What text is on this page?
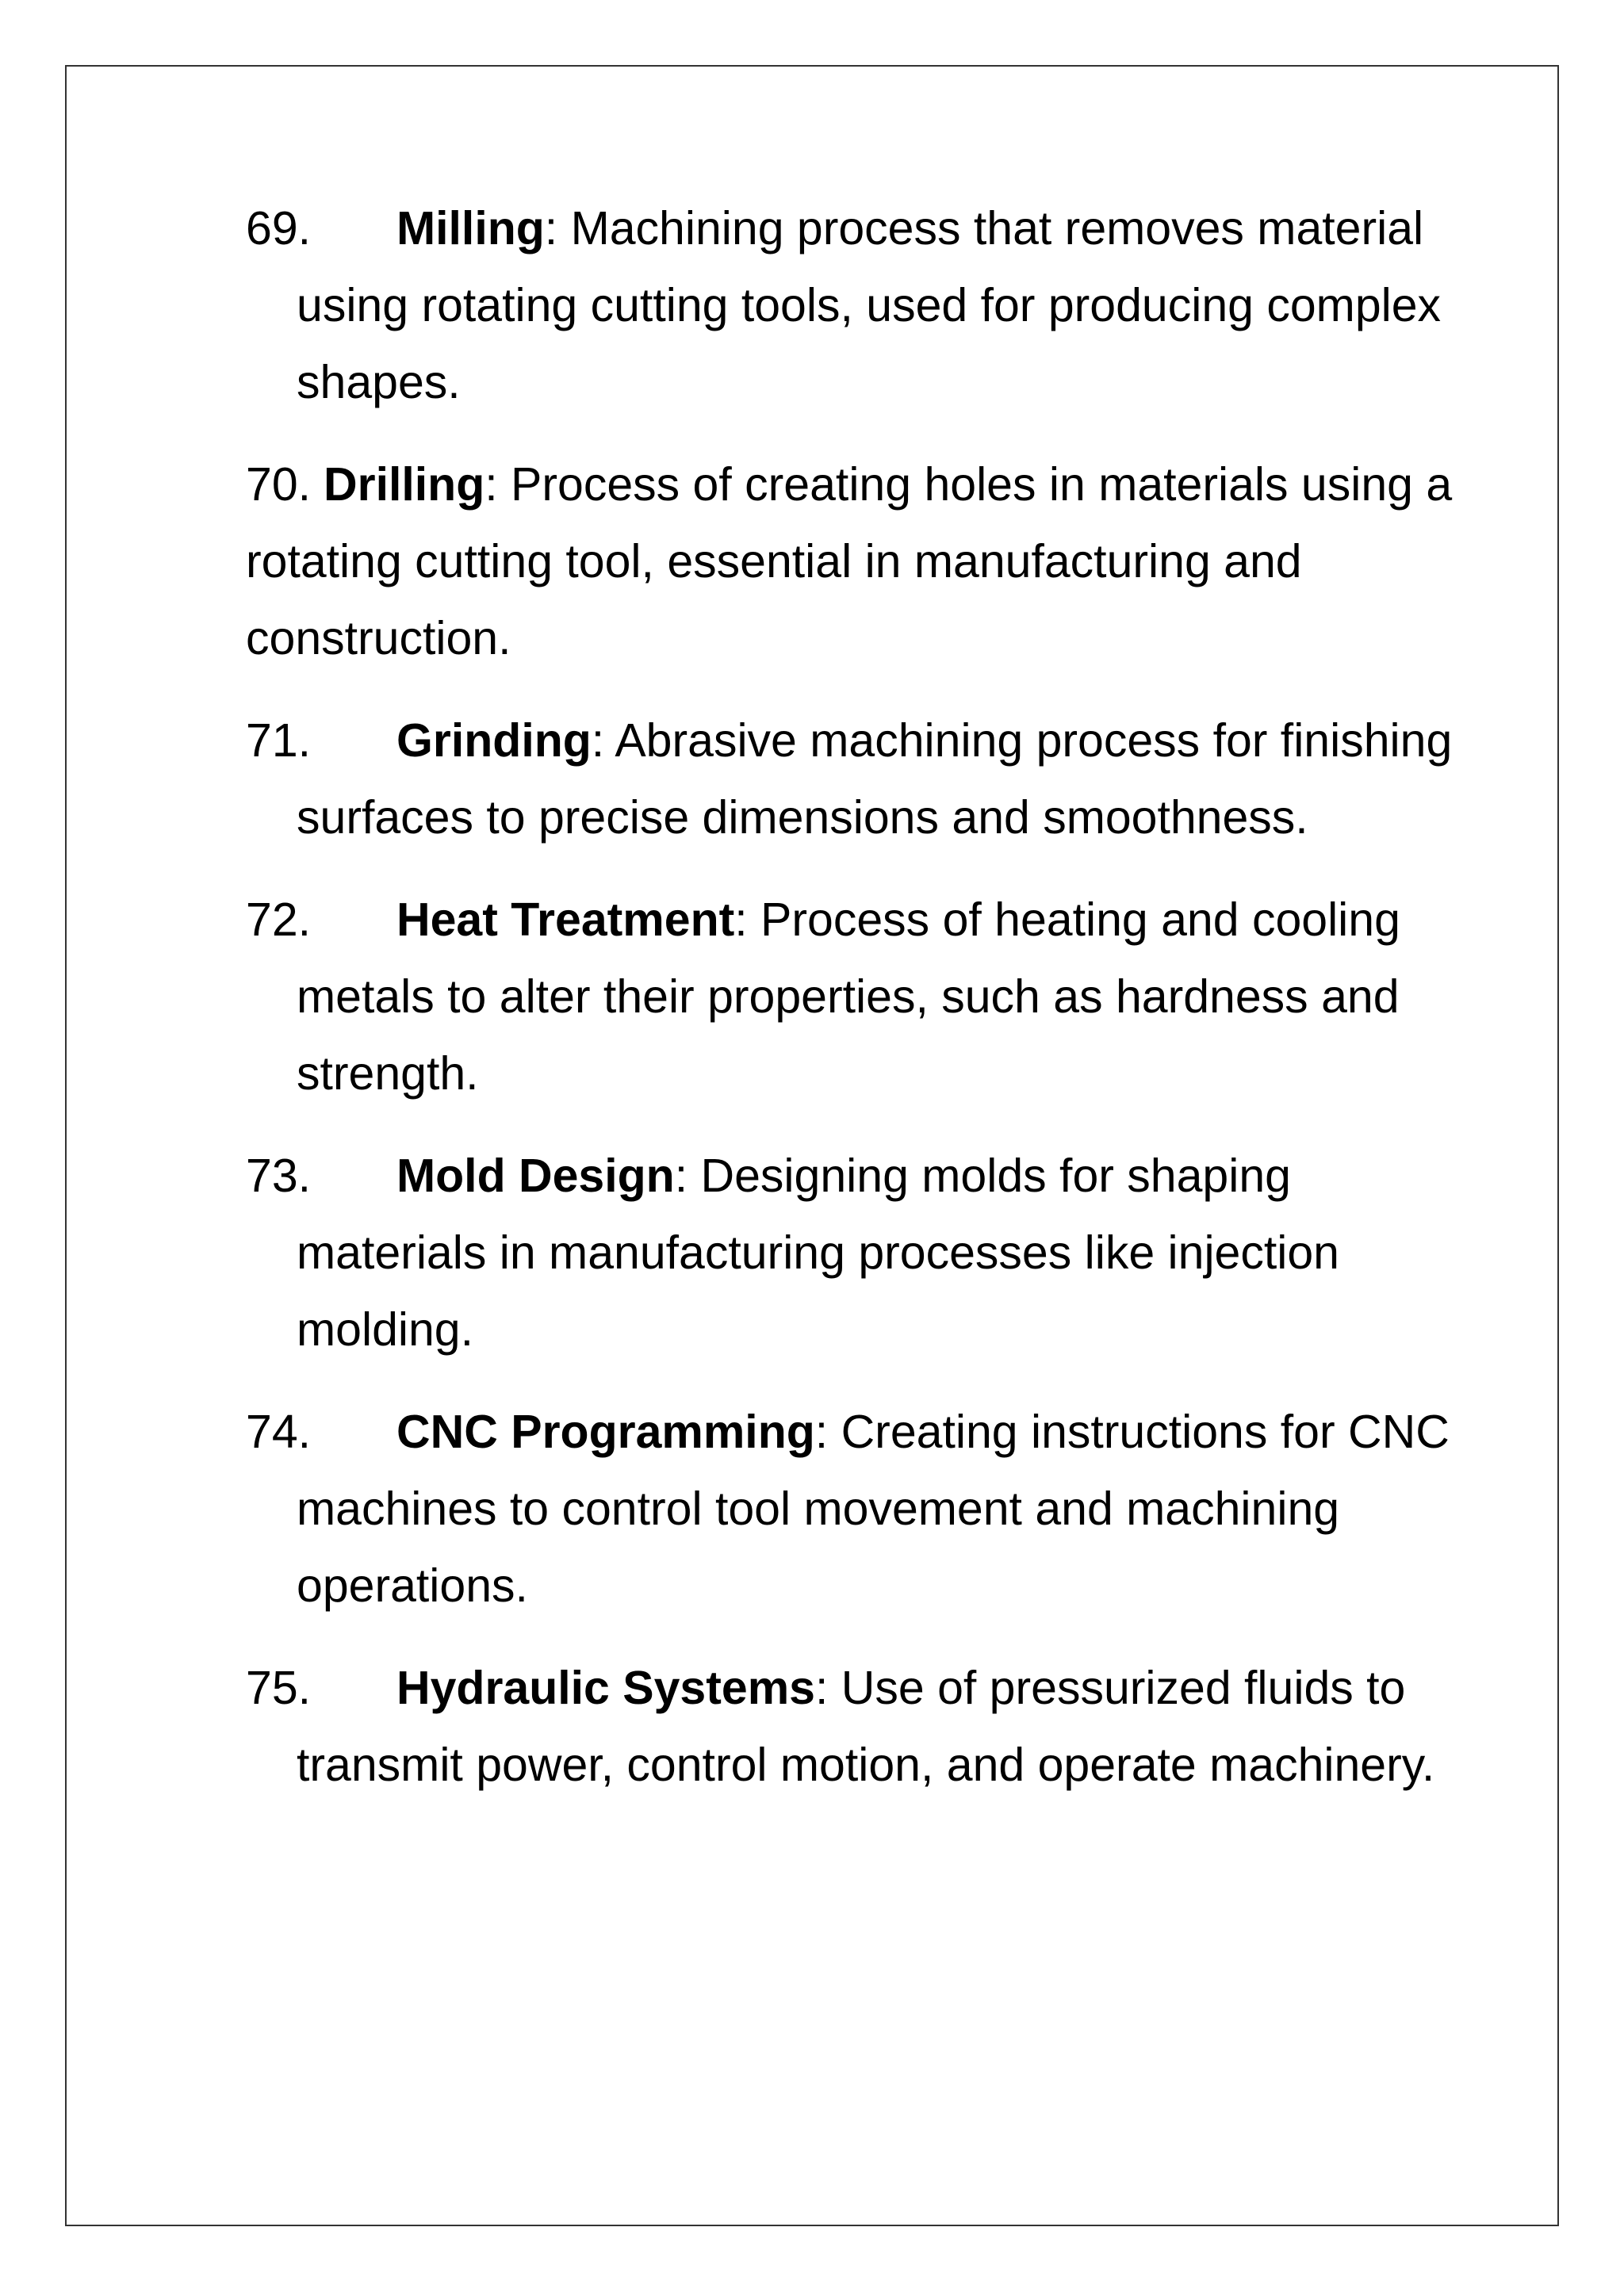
69. Milling: Machining process that removes material using rotating cutting tools, used for producing complex shapes.

70. Drilling: Process of creating holes in materials using a rotating cutting tool, essential in manufacturing and construction.

71. Grinding: Abrasive machining process for finishing surfaces to precise dimensions and smoothness.

72. Heat Treatment: Process of heating and cooling metals to alter their properties, such as hardness and strength.

73. Mold Design: Designing molds for shaping materials in manufacturing processes like injection molding.

74. CNC Programming: Creating instructions for CNC machines to control tool movement and machining operations.

75. Hydraulic Systems: Use of pressurized fluids to transmit power, control motion, and operate machinery.
